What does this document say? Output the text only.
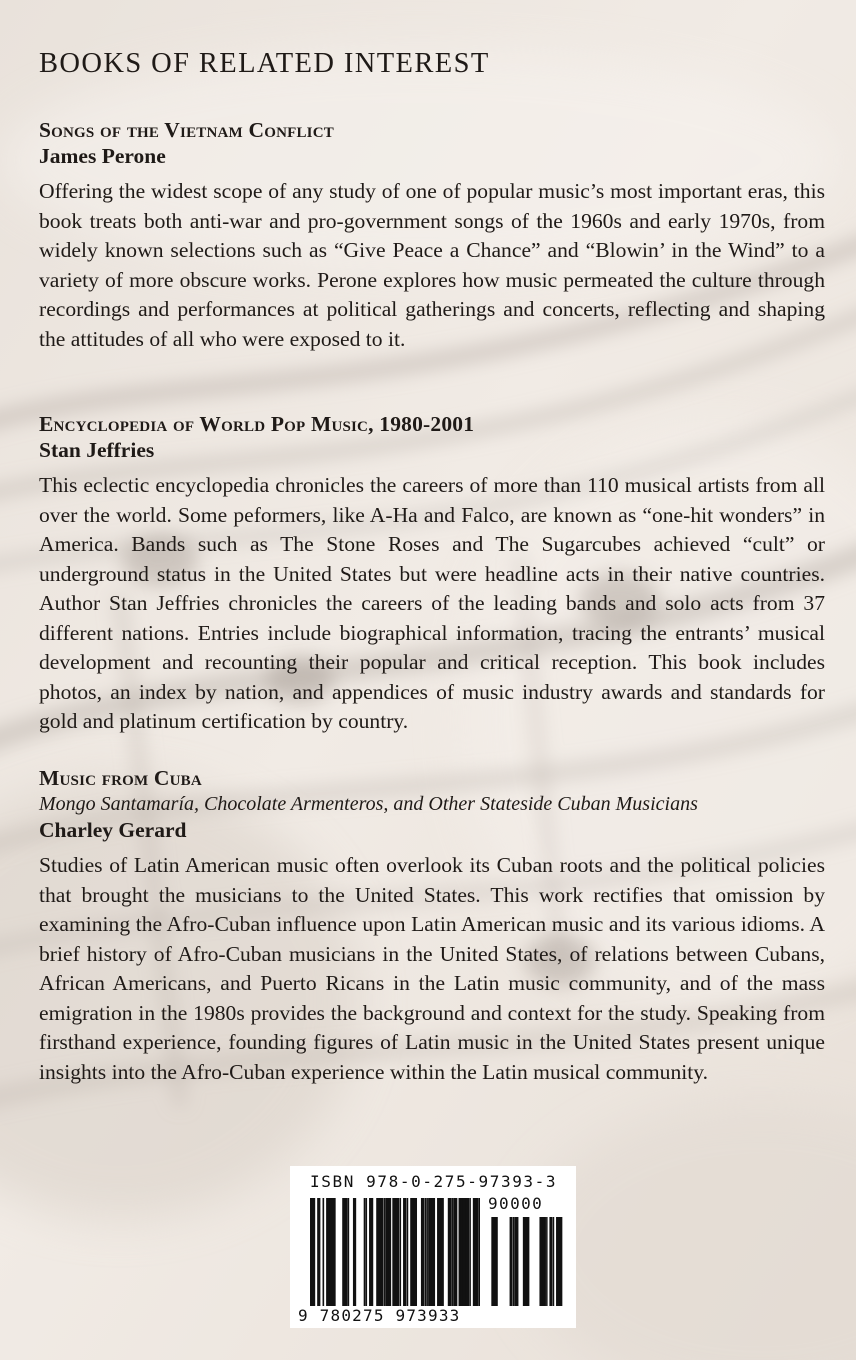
BOOKS OF RELATED INTEREST

Songs of the Vietnam Conflict

James Perone

Offering the widest scope of any study of one of popular music’s most important eras, this book treats both anti-war and pro-government songs of the 1960s and early 1970s, from widely known selections such as “Give Peace a Chance” and “Blowin’ in the Wind” to a variety of more obscure works. Perone explores how music permeated the culture through recordings and performances at political gatherings and concerts, reflecting and shaping the attitudes of all who were exposed to it.

Encyclopedia of World Pop Music, 1980-2001

Stan Jeffries

This eclectic encyclopedia chronicles the careers of more than 110 musical artists from all over the world. Some peformers, like A-Ha and Falco, are known as “one-hit wonders” in America. Bands such as The Stone Roses and The Sugarcubes achieved “cult” or underground status in the United States but were headline acts in their native countries. Author Stan Jeffries chronicles the careers of the leading bands and solo acts from 37 different nations. Entries include biographical information, tracing the entrants’ musical development and recounting their popular and critical reception. This book includes photos, an index by nation, and appendices of music industry awards and standards for gold and platinum certification by country.

Music from Cuba

Mongo Santamaría, Chocolate Armenteros, and Other Stateside Cuban Musicians

Charley Gerard

Studies of Latin American music often overlook its Cuban roots and the political policies that brought the musicians to the United States. This work rectifies that omission by examining the Afro-Cuban influence upon Latin American music and its various idioms. A brief history of Afro-Cuban musicians in the United States, of relations between Cubans, African Americans, and Puerto Ricans in the Latin music community, and of the mass emigration in the 1980s provides the background and context for the study. Speaking from firsthand experience, founding figures of Latin music in the United States present unique insights into the Afro-Cuban experience within the Latin musical community.

ISBN 978-0-275-97393-3
90000
9 780275 973933
